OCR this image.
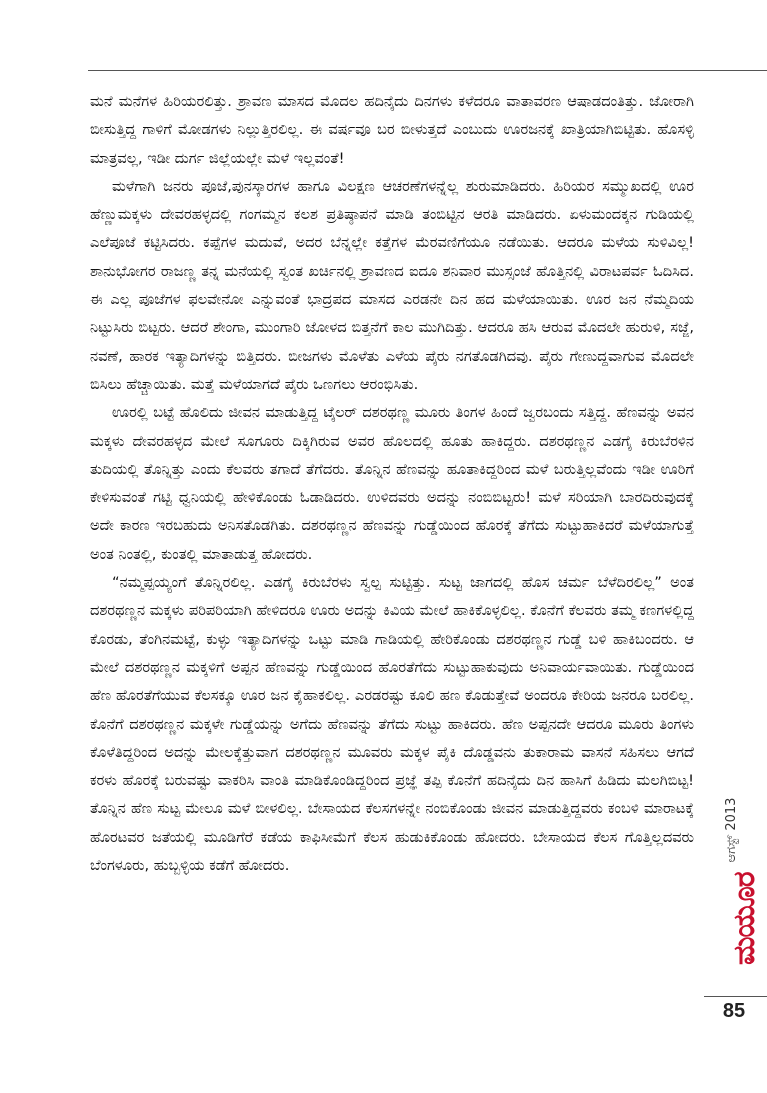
ಮನೆ ಮನೆಗಳ ಹಿರಿಯರಲಿತ್ತು. ಶ್ರಾವಣ ಮಾಸದ ಮೊದಲ ಹದಿನೈದು ದಿನಗಳು ಕಳೆದರೂ ವಾತಾವರಣ ಆಷಾಡದಂತಿತ್ತು. ಜೋರಾಗಿ ಬೀಸುತ್ತಿದ್ದ ಗಾಳಿಗೆ ಮೋಡಗಳು ನಿಲ್ಲುತ್ತಿರಲಿಲ್ಲ. ಈ ವರ್ಷವೂ ಬರ ಬೀಳುತ್ತದೆ ಎಂಬುದು ಊರಜನಕ್ಕೆ ಖಾತ್ರಿಯಾಗಿಬಿಟ್ಟಿತು. ಹೊಸಳ್ಳಿ ಮಾತ್ರವಲ್ಲ, ಇಡೀ ದುರ್ಗ ಜಿಲ್ಲೆಯಲ್ಲೇ ಮಳೆ ಇಲ್ಲವಂತೆ!

ಮಳೆಗಾಗಿ ಜನರು ಪೂಜೆ,ಪುನಸ್ಕಾರಗಳ ಹಾಗೂ ವಿಲಕ್ಷಣ ಆಚರಣೆಗಳನ್ನೆಲ್ಲ ಶುರುಮಾಡಿದರು. ಹಿರಿಯರ ಸಮ್ಮುಖದಲ್ಲಿ ಊರ ಹೆಣ್ಣುಮಕ್ಕಳು ದೇವರಹಳ್ಳದಲ್ಲಿ ಗಂಗಮ್ಮನ ಕಲಶ ಪ್ರತಿಷ್ಠಾಪನೆ ಮಾಡಿ ತಂಬಿಟ್ಟಿನ ಆರತಿ ಮಾಡಿದರು. ಏಳುಮಂದಕ್ಕನ ಗುಡಿಯಲ್ಲಿ ಎಲೆಪೂಜೆ ಕಟ್ಟಿಸಿದರು. ಕಪ್ಪೆಗಳ ಮದುವೆ, ಅದರ ಬೆನ್ನಲ್ಲೇ ಕತ್ತೆಗಳ ಮೆರವಣಿಗೆಯೂ ನಡೆಯಿತು. ಆದರೂ ಮಳೆಯ ಸುಳಿವಿಲ್ಲ! ಶಾನುಭೋಗರ ರಾಜಣ್ಣ ತನ್ನ ಮನೆಯಲ್ಲಿ ಸ್ವಂತ ಖರ್ಚಿನಲ್ಲಿ ಶ್ರಾವಣದ ಐದೂ ಶನಿವಾರ ಮುಸ್ಸಂಜೆ ಹೊತ್ತಿನಲ್ಲಿ ವಿರಾಟಪರ್ವ ಓದಿಸಿದ. ಈ ಎಲ್ಲ ಪೂಜೆಗಳ ಫಲವೇನೋ ಎನ್ನುವಂತೆ ಭಾದ್ರಪದ ಮಾಸದ ಎರಡನೇ ದಿನ ಹದ ಮಳೆಯಾಯಿತು. ಊರ ಜನ ನೆಮ್ಮದಿಯ ನಿಟ್ಟುಸಿರು ಬಿಟ್ಟರು. ಆದರೆ ಶೇಂಗಾ, ಮುಂಗಾರಿ ಜೋಳದ ಬಿತ್ತನೆಗೆ ಕಾಲ ಮುಗಿದಿತ್ತು. ಆದರೂ ಹಸಿ ಆರುವ ಮೊದಲೇ ಹುರುಳಿ, ಸಜ್ಜೆ, ನವಣೆ, ಹಾರಕ ಇತ್ಯಾದಿಗಳನ್ನು ಬಿತ್ತಿದರು. ಬೀಜಗಳು ಮೊಳೆತು ಎಳೆಯ ಪೈರು ನಗತೊಡಗಿದವು. ಪೈರು ಗೇಣುದ್ದವಾಗುವ ಮೊದಲೇ ಬಿಸಿಲು ಹೆಚ್ಚಾಯಿತು. ಮತ್ತೆ ಮಳೆಯಾಗದೆ ಪೈರು ಒಣಗಲು ಆರಂಭಿಸಿತು.

ಊರಲ್ಲಿ ಬಟ್ಟೆ ಹೊಲಿದು ಜೀವನ ಮಾಡುತ್ತಿದ್ದ ಟೈಲರ್ ದಶರಥಣ್ಣ ಮೂರು ತಿಂಗಳ ಹಿಂದೆ ಜ್ವರಬಂದು ಸತ್ತಿದ್ದ. ಹೆಣವನ್ನು ಅವನ ಮಕ್ಕಳು ದೇವರಹಳ್ಳದ ಮೇಲೆ ಸೂಗೂರು ದಿಕ್ಕಿಗಿರುವ ಅವರ ಹೊಲದಲ್ಲಿ ಹೂತು ಹಾಕಿದ್ದರು. ದಶರಥಣ್ಣನ ಎಡಗೈ ಕಿರುಬೆರಳಿನ ತುದಿಯಲ್ಲಿ ತೊನ್ನಿತ್ತು ಎಂದು ಕೆಲವರು ತಗಾದೆ ತೆಗೆದರು. ತೊನ್ನಿನ ಹೆಣವನ್ನು ಹೂತಾಕಿದ್ದರಿಂದ ಮಳೆ ಬರುತ್ತಿಲ್ಲವೆಂದು ಇಡೀ ಊರಿಗೆ ಕೇಳಿಸುವಂತೆ ಗಟ್ಟಿ ಧ್ವನಿಯಲ್ಲಿ ಹೇಳಿಕೊಂಡು ಓಡಾಡಿದರು. ಉಳಿದವರು ಅದನ್ನು ನಂಬಿಬಿಟ್ಟರು! ಮಳೆ ಸರಿಯಾಗಿ ಬಾರದಿರುವುದಕ್ಕೆ ಅದೇ ಕಾರಣ ಇರಬಹುದು ಅನಿಸತೊಡಗಿತು. ದಶರಥಣ್ಣನ ಹೆಣವನ್ನು ಗುಡ್ಡೆಯಿಂದ ಹೊರಕ್ಕೆ ತೆಗೆದು ಸುಟ್ಟುಹಾಕಿದರೆ ಮಳೆಯಾಗುತ್ತೆ ಅಂತ ನಿಂತಲ್ಲಿ, ಕುಂತಲ್ಲಿ ಮಾತಾಡುತ್ತ ಹೋದರು.

“ನಮ್ಮಪ್ಪಯ್ಯಂಗೆ ತೊನ್ನಿರಲಿಲ್ಲ. ಎಡಗೈ ಕಿರುಬೆರಳು ಸ್ವಲ್ಪ ಸುಟ್ಟಿತ್ತು. ಸುಟ್ಟ ಜಾಗದಲ್ಲಿ ಹೊಸ ಚರ್ಮ ಬೆಳೆದಿರಲಿಲ್ಲ” ಅಂತ ದಶರಥಣ್ಣನ ಮಕ್ಕಳು ಪರಿಪರಿಯಾಗಿ ಹೇಳಿದರೂ ಊರು ಅದನ್ನು ಕಿವಿಯ ಮೇಲೆ ಹಾಕಿಕೊಳ್ಳಲಿಲ್ಲ. ಕೊನೆಗೆ ಕೆಲವರು ತಮ್ಮ ಕಣಗಳಲ್ಲಿದ್ದ ಕೊರಡು, ತೆಂಗಿನಮಟ್ಟೆ, ಕುಳ್ಳು ಇತ್ಯಾದಿಗಳನ್ನು ಒಟ್ಟು ಮಾಡಿ ಗಾಡಿಯಲ್ಲಿ ಹೇರಿಕೊಂಡು ದಶರಥಣ್ಣನ ಗುಡ್ಡೆ ಬಳಿ ಹಾಕಿಬಂದರು. ಆ ಮೇಲೆ ದಶರಥಣ್ಣನ ಮಕ್ಕಳಿಗೆ ಅಪ್ಪನ ಹೆಣವನ್ನು ಗುಡ್ಡೆಯಿಂದ ಹೊರತೆಗೆದು ಸುಟ್ಟುಹಾಕುವುದು ಅನಿವಾರ್ಯವಾಯಿತು. ಗುಡ್ಡೆಯಿಂದ ಹೆಣ ಹೊರತೆಗೆಯುವ ಕೆಲಸಕ್ಕೂ ಊರ ಜನ ಕೈಹಾಕಲಿಲ್ಲ. ಎರಡರಷ್ಟು ಕೂಲಿ ಹಣ ಕೊಡುತ್ತೇವೆ ಅಂದರೂ ಕೇರಿಯ ಜನರೂ ಬರಲಿಲ್ಲ. ಕೊನೆಗೆ ದಶರಥಣ್ಣನ ಮಕ್ಕಳೇ ಗುಡ್ಡೆಯನ್ನು ಅಗೆದು ಹೆಣವನ್ನು ತೆಗೆದು ಸುಟ್ಟು ಹಾಕಿದರು. ಹೆಣ ಅಪ್ಪನದೇ ಆದರೂ ಮೂರು ತಿಂಗಳು ಕೊಳೆತಿದ್ದರಿಂದ ಅದನ್ನು ಮೇಲಕ್ಕೆತ್ತುವಾಗ ದಶರಥಣ್ಣನ ಮೂವರು ಮಕ್ಕಳ ಪೈಕಿ ದೊಡ್ಡವನು ತುಕಾರಾಮ ವಾಸನೆ ಸಹಿಸಲು ಆಗದೆ ಕರಳು ಹೊರಕ್ಕೆ ಬರುವಷ್ಟು ವಾಕರಿಸಿ ವಾಂತಿ ಮಾಡಿಕೊಂಡಿದ್ದರಿಂದ ಪ್ರಜ್ಞೆ ತಪ್ಪಿ ಕೊನೆಗೆ ಹದಿನೈದು ದಿನ ಹಾಸಿಗೆ ಹಿಡಿದು ಮಲಗಿಬಿಟ್ಟ! ತೊನ್ನಿನ ಹೆಣ ಸುಟ್ಟ ಮೇಲೂ ಮಳೆ ಬೀಳಲಿಲ್ಲ. ಬೇಸಾಯದ ಕೆಲಸಗಳನ್ನೇ ನಂಬಿಕೊಂಡು ಜೀವನ ಮಾಡುತ್ತಿದ್ದವರು ಕಂಬಳಿ ಮಾರಾಟಕ್ಕೆ ಹೊರಟವರ ಜತೆಯಲ್ಲಿ ಮೂಡಿಗೆರೆ ಕಡೆಯ ಕಾಫಿಸೀಮೆಗೆ ಕೆಲಸ ಹುಡುಕಿಕೊಂಡು ಹೋದರು. ಬೇಸಾಯದ ಕೆಲಸ ಗೊತ್ತಿಲ್ಲದವರು ಬೆಂಗಳೂರು, ಹುಬ್ಬಳ್ಳಿಯ ಕಡೆಗೆ ಹೋದರು.

ಆಗಸ್ಟ್ 2013
ಮಯೂರ
85
